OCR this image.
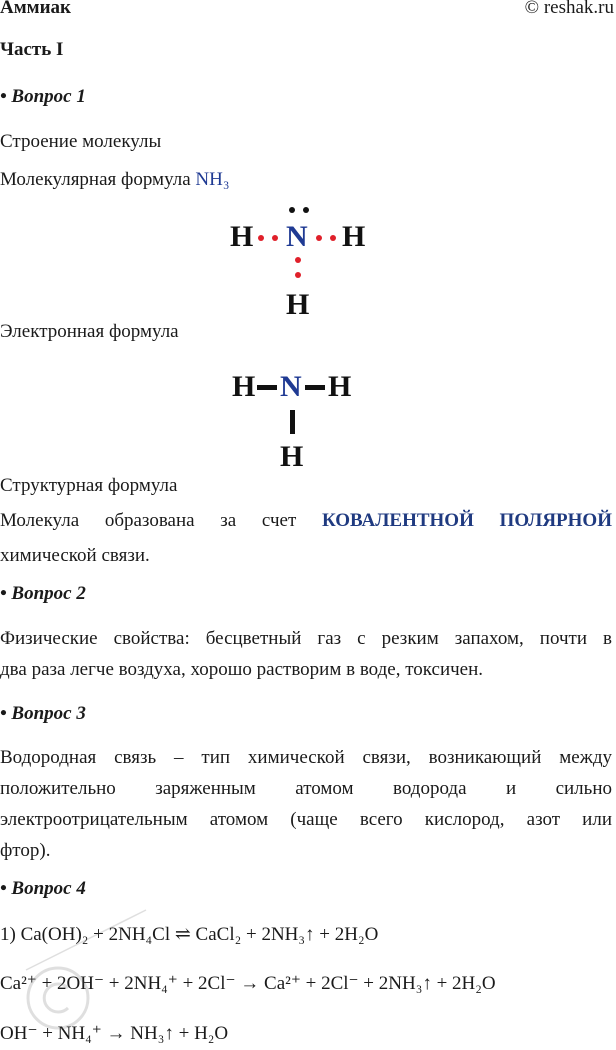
Аммиак	© reshak.ru
Часть I
• Вопрос 1
Строение молекулы
Молекулярная формула NH₃
H N H
H
Электронная формула
H N H
H
Структурная формула
Молекула образована за счет КОВАЛЕНТНОЙ ПОЛЯРНОЙ
химической связи.
• Вопрос 2
Физические свойства: бесцветный газ с резким запахом, почти в
два раза легче воздуха, хорошо растворим в воде, токсичен.
• Вопрос 3
Водородная связь – тип химической связи, возникающий между
положительно заряженным атомом водорода и сильно
электроотрицательным атомом (чаще всего кислород, азот или
фтор).
• Вопрос 4
1) Ca(OH)₂ + 2NH₄Cl ⇌ CaCl₂ + 2NH₃↑ + 2H₂O
Ca²⁺ + 2OH⁻ + 2NH₄⁺ + 2Cl⁻ → Ca²⁺ + 2Cl⁻ + 2NH₃↑ + 2H₂O
OH⁻ + NH₄⁺ → NH₃↑ + H₂O
